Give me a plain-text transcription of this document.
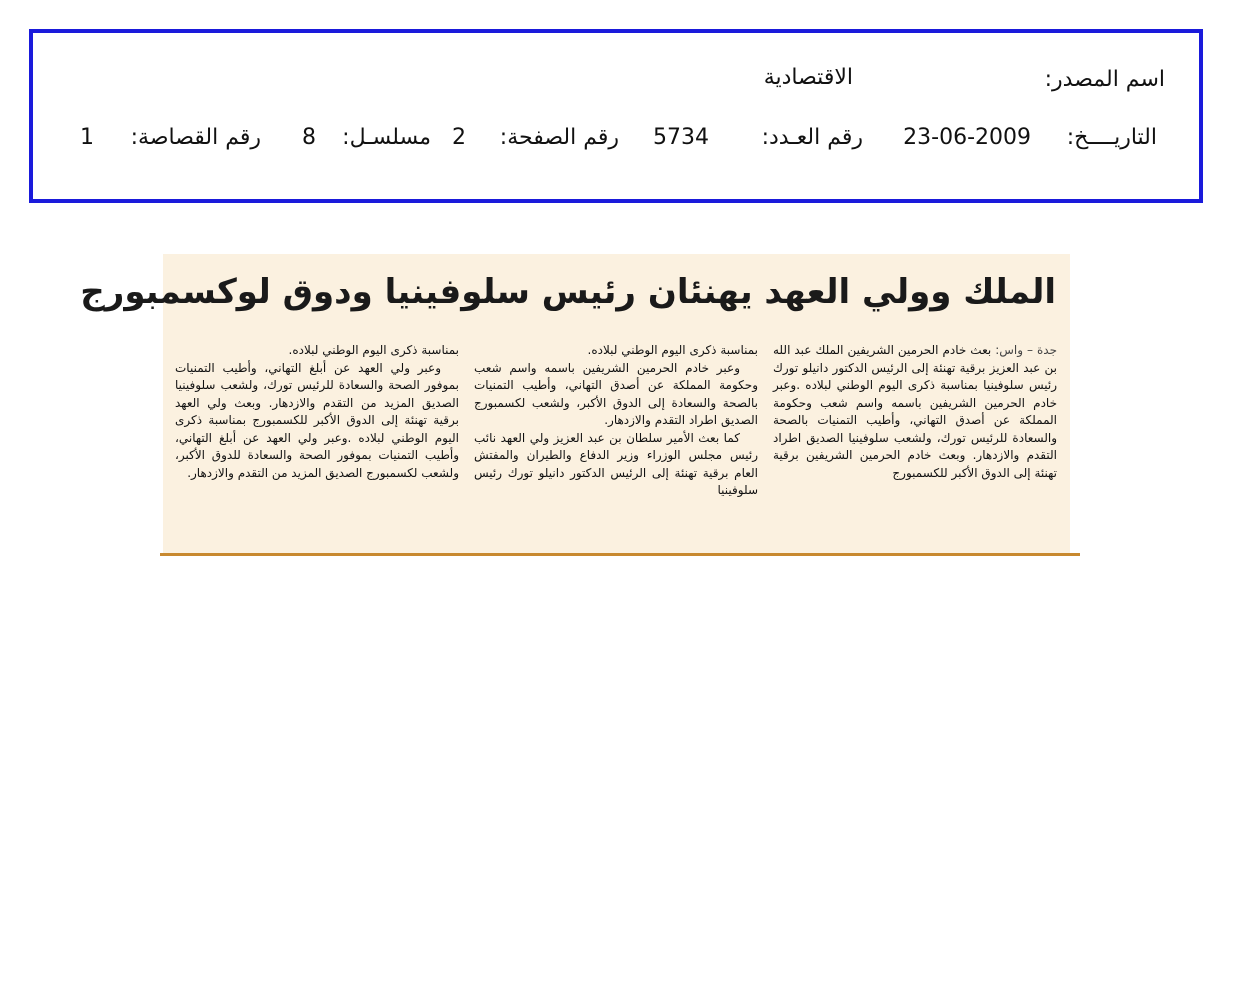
اسم المصدر:
الاقتصادية
التاريــــخ:
23-06-2009
رقم العـدد:
5734
رقم الصفحة:
2
مسلسـل:
8
رقم القصاصة:
1
الملك وولي العهد يهنئان رئيس سلوفينيا ودوق لوكسمبورج

جدة – واس: بعث خادم الحرمين الشريفين الملك عبد الله بن عبد العزيز برقية تهنئة إلى الرئيس الدكتور دانيلو تورك رئيس سلوفينيا بمناسبة ذكرى اليوم الوطني لبلاده .وعبر خادم الحرمين الشريفين باسمه واسم شعب وحكومة المملكة عن أصدق التهاني، وأطيب التمنيات بالصحة والسعادة للرئيس تورك، ولشعب سلوفينيا الصديق اطراد التقدم والازدهار. وبعث خادم الحرمين الشريفين برقية تهنئة إلى الدوق الأكبر للكسمبورج

بمناسبة ذكرى اليوم الوطني لبلاده.

وعبر خادم الحرمين الشريفين باسمه واسم شعب وحكومة المملكة عن أصدق التهاني، وأطيب التمنيات بالصحة والسعادة إلى الدوق الأكبر، ولشعب لكسمبورج الصديق اطراد التقدم والازدهار.

كما بعث الأمير سلطان بن عبد العزيز ولي العهد نائب رئيس مجلس الوزراء وزير الدفاع والطيران والمفتش العام برقية تهنئة إلى الرئيس الدكتور دانيلو تورك رئيس سلوفينيا

بمناسبة ذكرى اليوم الوطني لبلاده.

وعبر ولي العهد عن أبلغ التهاني، وأطيب التمنيات بموفور الصحة والسعادة للرئيس تورك، ولشعب سلوفينيا الصديق المزيد من التقدم والازدهار. وبعث ولي العهد برقية تهنئة إلى الدوق الأكبر للكسمبورج بمناسبة ذكرى اليوم الوطني لبلاده .وعبر ولي العهد عن أبلغ التهاني، وأطيب التمنيات بموفور الصحة والسعادة للدوق الأكبر، ولشعب لكسمبورج الصديق المزيد من التقدم والازدهار.
